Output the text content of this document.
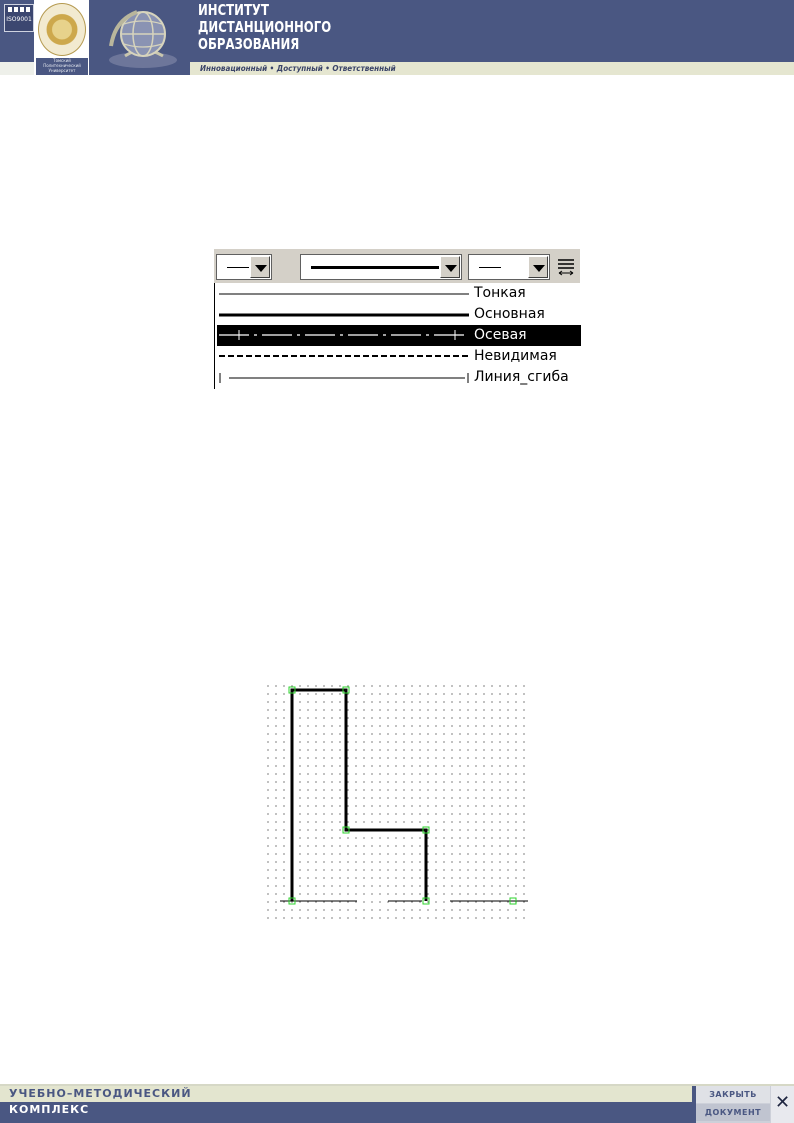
ISO9001
Томский Политехнический Университет
ИНСТИТУТ
ДИСТАНЦИОННОГО
ОБРАЗОВАНИЯ
Инновационный • Доступный • Ответственный
Тонкая
Основная
Осевая
Невидимая
Линия_сгиба
УЧЕБНО–МЕТОДИЧЕСКИЙ
КОМПЛЕКС
ЗАКРЫТЬ
ДОКУМЕНТ ✕
